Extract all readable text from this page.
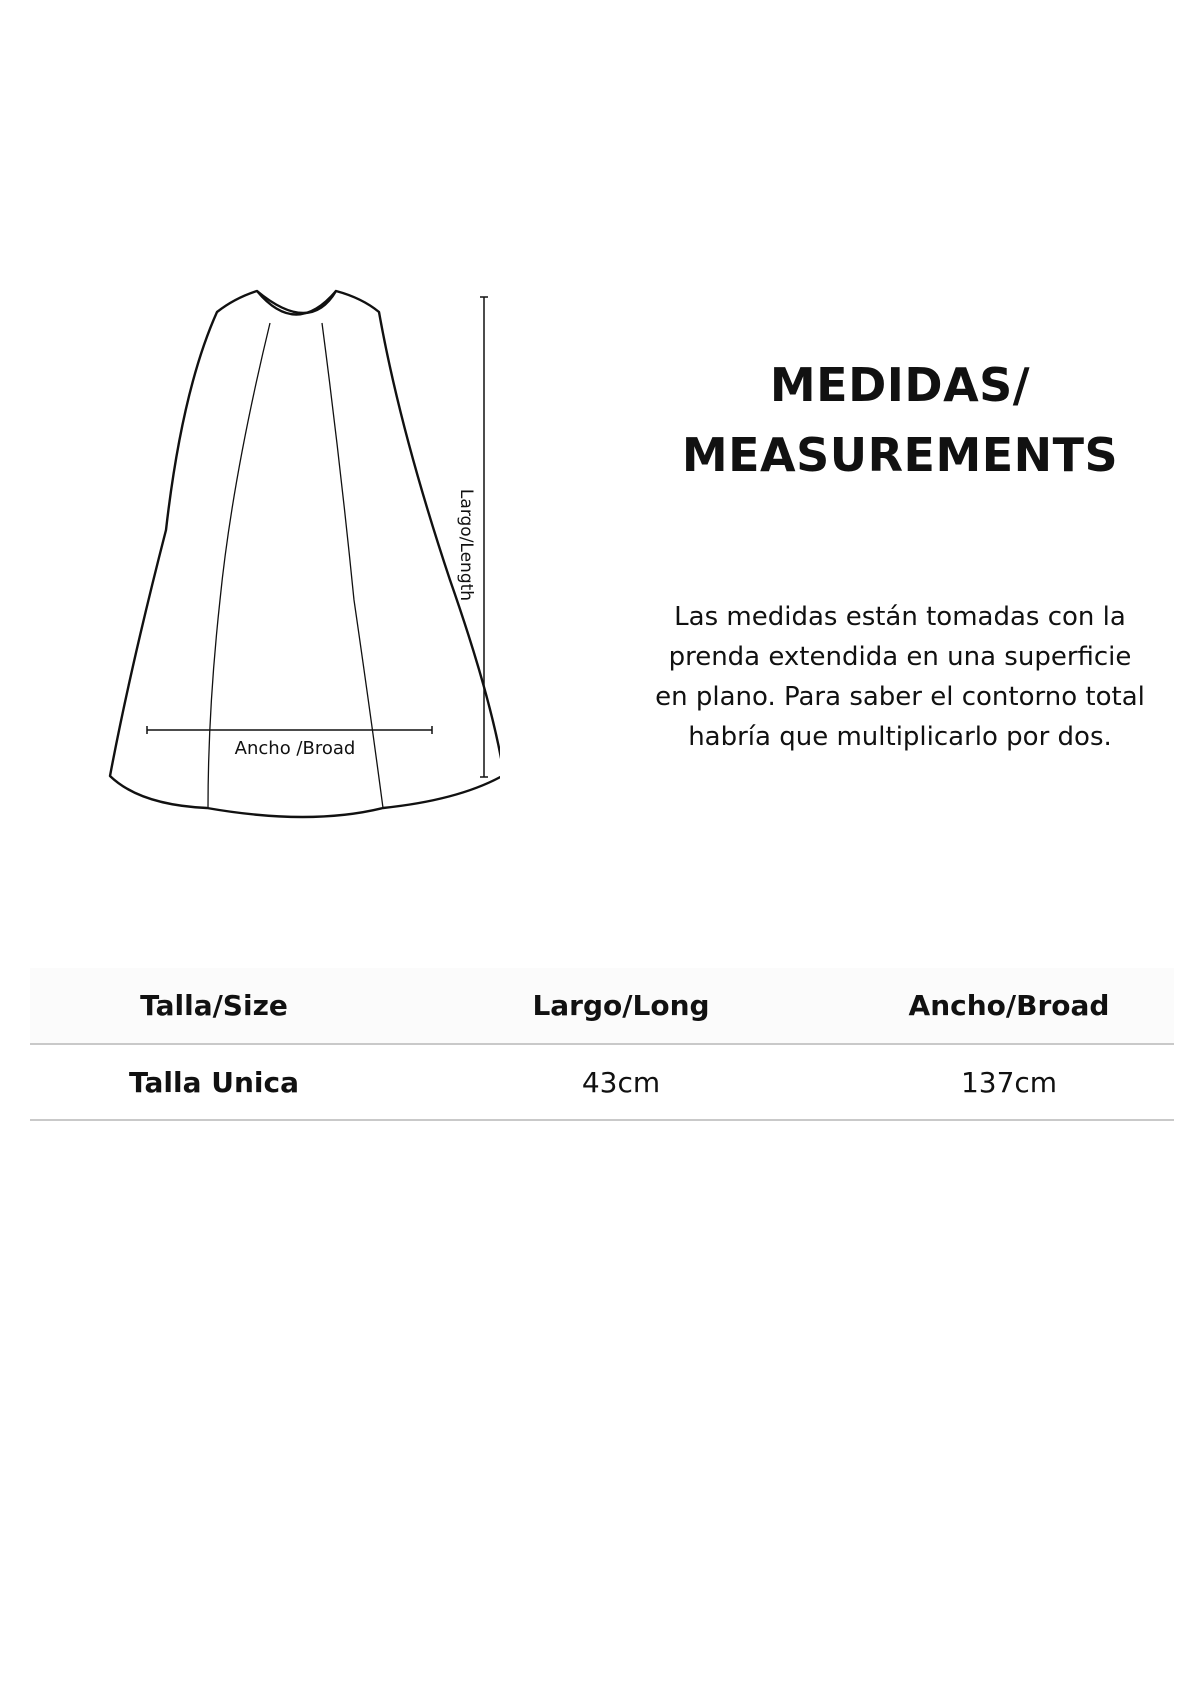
Largo/Length
Ancho /Broad
MEDIDAS/
MEASUREMENTS
Las medidas están tomadas con la prenda extendida en una superficie en plano. Para saber el contorno total habría que multiplicarlo por dos.
Talla/Size	Largo/Long	Ancho/Broad
Talla Unica	43cm	137cm
